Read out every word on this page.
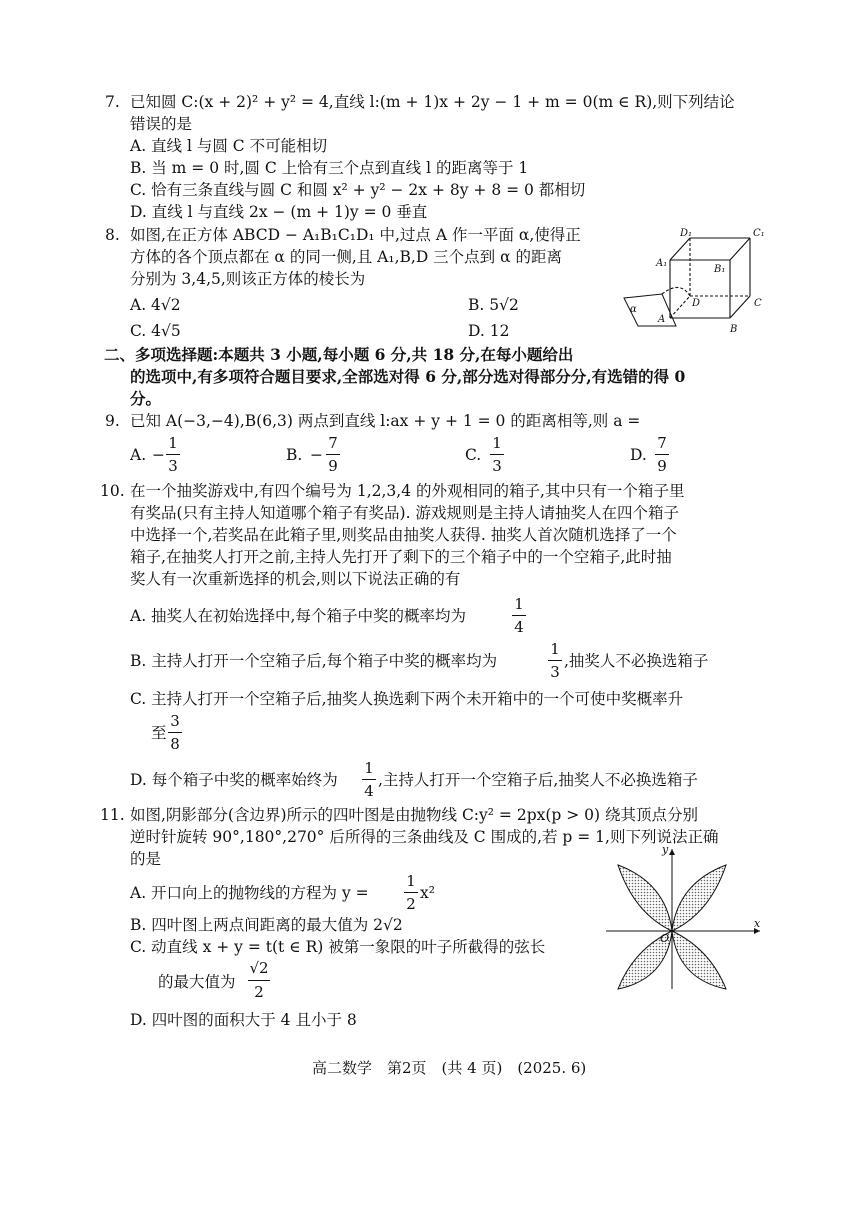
7. 已知圆 C:(x + 2)² + y² = 4,直线 l:(m + 1)x + 2y − 1 + m = 0(m ∈ R),则下列结论
错误的是
A. 直线 l 与圆 C 不可能相切
B. 当 m = 0 时,圆 C 上恰有三个点到直线 l 的距离等于 1
C. 恰有三条直线与圆 C 和圆 x² + y² − 2x + 8y + 8 = 0 都相切
D. 直线 l 与直线 2x − (m + 1)y = 0 垂直
8. 如图,在正方体 ABCD − A₁B₁C₁D₁ 中,过点 A 作一平面 α,使得正
方体的各个顶点都在 α 的同一侧,且 A₁,B,D 三个点到 α 的距离
分别为 3,4,5,则该正方体的棱长为
A. 4√2	B. 5√2
C. 4√5	D. 12
D₁	C₁
A₁
B₁
D	C
A
B
α
二、多项选择题:本题共 3 小题,每小题 6 分,共 18 分,在每小题给出
的选项中,有多项符合题目要求,全部选对得 6 分,部分选对得部分分,有选错的得 0
分。
9. 已知 A(−3,−4),B(6,3) 两点到直线 l:ax + y + 1 = 0 的距离相等,则 a =
A. −
1
3
B. −
7
9
C.
1
3
D.
7
9
10. 在一个抽奖游戏中,有四个编号为 1,2,3,4 的外观相同的箱子,其中只有一个箱子里
有奖品(只有主持人知道哪个箱子有奖品). 游戏规则是主持人请抽奖人在四个箱子
中选择一个,若奖品在此箱子里,则奖品由抽奖人获得. 抽奖人首次随机选择了一个
箱子,在抽奖人打开之前,主持人先打开了剩下的三个箱子中的一个空箱子,此时抽
奖人有一次重新选择的机会,则以下说法正确的有
A. 抽奖人在初始选择中,每个箱子中奖的概率均为
1
4
B. 主持人打开一个空箱子后,每个箱子中奖的概率均为
1
3
,抽奖人不必换选箱子
C. 主持人打开一个空箱子后,抽奖人换选剩下两个未开箱中的一个可使中奖概率升
至
3
8
D. 每个箱子中奖的概率始终为
1
4
,主持人打开一个空箱子后,抽奖人不必换选箱子
11. 如图,阴影部分(含边界)所示的四叶图是由抛物线 C:y² = 2px(p > 0) 绕其顶点分别
逆时针旋转 90°,180°,270° 后所得的三条曲线及 C 围成的,若 p = 1,则下列说法正确
的是
A. 开口向上的抛物线的方程为 y =
1
2
x²
B. 四叶图上两点间距离的最大值为 2√2
C. 动直线 x + y = t(t ∈ R) 被第一象限的叶子所截得的弦长
的最大值为
√2
2
D. 四叶图的面积大于 4 且小于 8
y
x
O
高二数学　第2页　(共 4 页)　(2025. 6)
